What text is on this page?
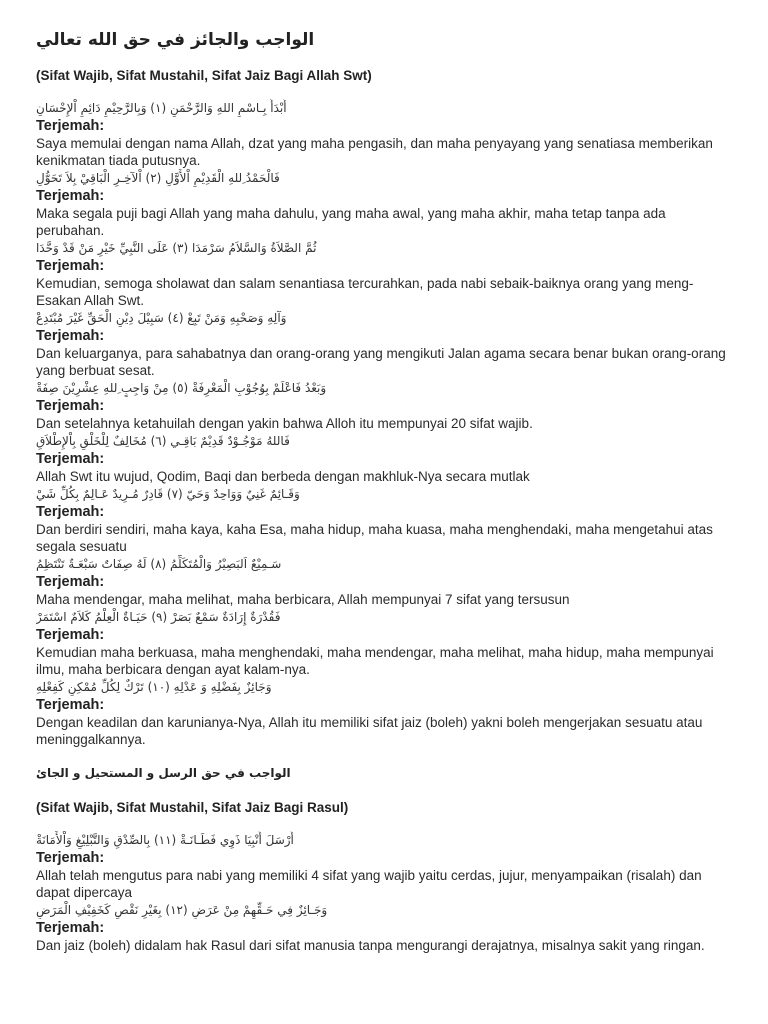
الواجب والجائز في حق الله تعالي
(Sifat Wajib, Sifat Mustahil, Sifat Jaiz Bagi Allah Swt)
أَبْدَأُ بِـاسْمِ اللهِ وَالرَّحْمَنِ (١) وَبِالرَّحِيْمِ دَائِمِ اْلإِحْسَانِ
Terjemah:
Saya memulai dengan nama Allah, dzat yang maha pengasih, dan maha penyayang yang senatiasa memberikan kenikmatan tiada putusnya.
فَالْحَمْدُ ِللهِ الْقَدِيْمِ اْلأَوَّلِ (٢) اْلآخِـرِ الْبَاقِيْ بِلاَ تَحَوُّلِ
Terjemah:
Maka segala puji bagi Allah yang maha dahulu, yang maha awal, yang maha akhir, maha tetap tanpa ada perubahan.
ثُمَّ الصَّلاَةُ وَالسَّلاَمُ سَرْمَدَا (٣) عَلَى النَّبِيِّ خَيْرِ مَنْ قَدْ وَحَّدَا
Terjemah:
Kemudian, semoga sholawat dan salam senantiasa tercurahkan, pada nabi sebaik-baiknya orang yang meng-Esakan Allah Swt.
وَآلِهِ وَصَحْبِهِ وَمَنْ تَبِعْ (٤) سَبِيْلَ دِيْنِ الْحَقِّ غَيْرَ مُبْتَدِعْ
Terjemah:
Dan keluarganya, para sahabatnya dan orang-orang yang mengikuti Jalan agama secara benar bukan orang-orang yang berbuat sesat.
وَبَعْدُ فَاعْلَمْ بِوُجُوْبِ الْمَعْرِفَةْ (٥) مِنْ وَاجِبٍ ِللهِ عِشْرِيْنَ صِفَةْ
Terjemah:
Dan setelahnya ketahuilah dengan yakin bahwa Alloh itu mempunyai 20 sifat wajib.
فَاللهُ مَوْجُـوْدٌ قَدِيْمٌ بَاقِـي (٦) مُخَالِفٌ لِلْخَلْقِ بِاْلإِطْلاَقِ
Terjemah:
Allah Swt itu wujud, Qodim, Baqi dan berbeda dengan makhluk-Nya secara mutlak
وَقَـائِمٌ غَنِيٌ وَوَاحِدٌ وَحَيّ (٧) قَادِرٌ مُـرِيدٌ عَـالِمٌ بِكُلِّ شَيْ
Terjemah:
Dan berdiri sendiri, maha kaya, kaha Esa, maha hidup, maha kuasa, maha menghendaki, maha mengetahui atas segala sesuatu
سَـمِيْعٌ اَلبَصِيْرُ وَالْمُتَكَلِّمُ (٨) لَهُ صِفَاتٌ سَبْعَـةٌ تَنْتَظِمُ
Terjemah:
Maha mendengar, maha melihat, maha berbicara, Allah mempunyai 7 sifat yang tersusun
فَقُدْرَةٌ إِرَادَةٌ سَمْعٌ بَصَرْ (٩) حَيَـاةٌ الْعِلْمُ كَلاَمٌ اسْتَمَرْ
Terjemah:
Kemudian maha berkuasa, maha menghendaki, maha mendengar, maha melihat, maha hidup, maha mempunyai ilmu, maha berbicara dengan ayat kalam-nya.
وَجَائِزٌ بِفَضْلِهِ وَ عَدْلِهِ (١٠) تَرْكٌ لِكُلِّ مُمْكِنٍ كَفِعْلِهِ
Terjemah:
Dengan keadilan dan karunianya-Nya, Allah itu memiliki sifat jaiz (boleh) yakni boleh mengerjakan sesuatu atau meninggalkannya.
الواجب في حق الرسل و المستحيل و الجائ
(Sifat Wajib, Sifat Mustahil, Sifat Jaiz Bagi Rasul)
أَرْسَلَ أَنْبِيَا ذَوِي فَطَـانَـةْ (١١) بِالصِّدْقِ وَالتَّبْلِيْغِ وَاْلأَمَانَةْ
Terjemah:
Allah telah mengutus para nabi yang memiliki 4 sifat yang wajib yaitu cerdas, jujur, menyampaikan (risalah) dan dapat dipercaya
وَجَـائِزٌ فِي حَـقِّهِمْ مِنْ عَرَضِ (١٢) بِغَيْرِ نَقْصٍ كَخَفِيْفِ الْمَرَضِ
Terjemah:
Dan jaiz (boleh) didalam hak Rasul dari sifat manusia tanpa mengurangi derajatnya, misalnya sakit yang ringan.
